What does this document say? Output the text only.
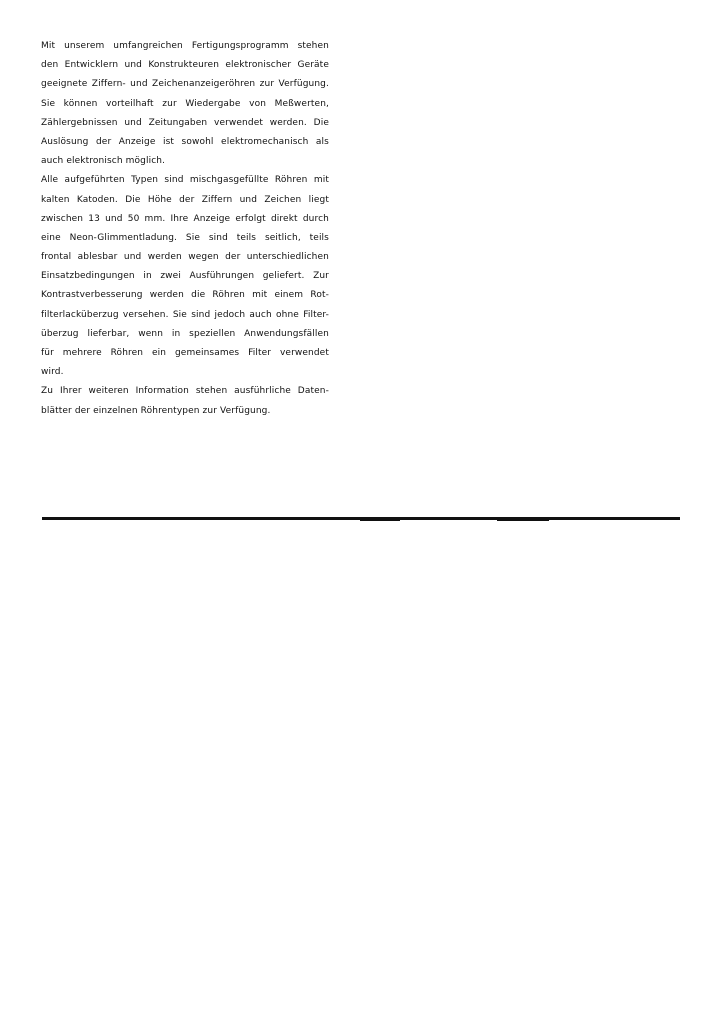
Mit unserem umfangreichen Fertigungsprogramm stehen
den Entwicklern und Konstrukteuren elektronischer Geräte
geeignete Ziffern- und Zeichenanzeigeröhren zur Verfügung.
Sie können vorteilhaft zur Wiedergabe von Meßwerten,
Zählergebnissen und Zeitungaben verwendet werden. Die
Auslösung der Anzeige ist sowohl elektromechanisch als
auch elektronisch möglich.
Alle aufgeführten Typen sind mischgasgefüllte Röhren mit
kalten Katoden. Die Höhe der Ziffern und Zeichen liegt
zwischen 13 und 50 mm. Ihre Anzeige erfolgt direkt durch
eine Neon-Glimmentladung. Sie sind teils seitlich, teils
frontal ablesbar und werden wegen der unterschiedlichen
Einsatzbedingungen in zwei Ausführungen geliefert. Zur
Kontrastverbesserung werden die Röhren mit einem Rot-
filterlacküberzug versehen. Sie sind jedoch auch ohne Filter-
überzug lieferbar, wenn in speziellen Anwendungsfällen
für mehrere Röhren ein gemeinsames Filter verwendet
wird.
Zu Ihrer weiteren Information stehen ausführliche Daten-
blätter der einzelnen Röhrentypen zur Verfügung.
